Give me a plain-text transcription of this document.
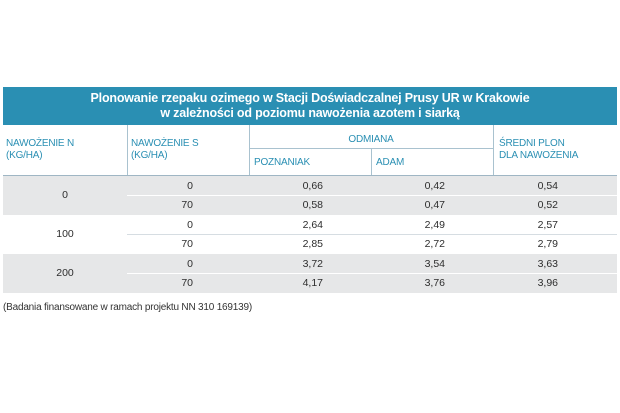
Plonowanie rzepaku ozimego w Stacji Doświadczalnej Prusy UR w Krakowie
w zależności od poziomu nawożenia azotem i siarką
NAWOŻENIE N
(KG/HA)
NAWOŻENIE S
(KG/HA)
ODMIANA
POZNANIAK	ADAM
ŚREDNI PLON
DLA NAWOŻENIA
0
0	0,66	0,42	0,54
70	0,58	0,47	0,52
100
0	2,64	2,49	2,57
70	2,85	2,72	2,79
200
0	3,72	3,54	3,63
70	4,17	3,76	3,96
(Badania finansowane w ramach projektu NN 310 169139)
